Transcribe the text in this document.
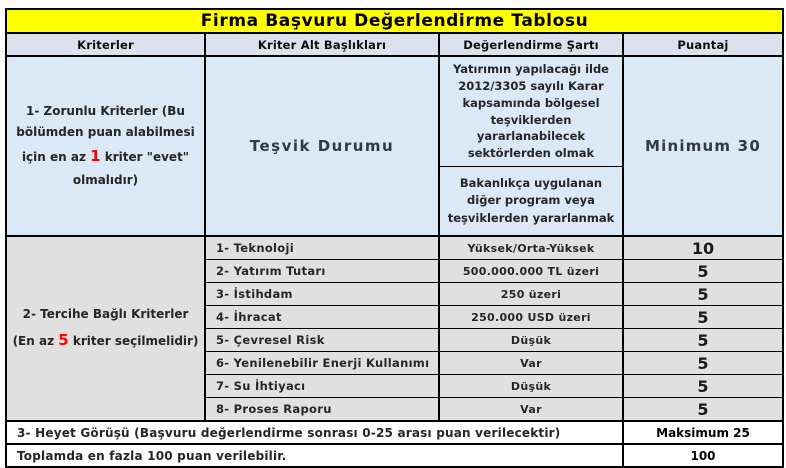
Firma Başvuru Değerlendirme Tablosu			
Kriterler	Kriter Alt Başlıkları	Değerlendirme Şartı	Puantaj
1- Zorunlu Kriterler (Bu bölümden puan alabilmesi için en az 1 kriter "evet" olmalıdır)	Teşvik Durumu	Yatırımın yapılacağı ilde 2012/3305 sayılı Karar kapsamında bölgesel teşviklerden yararlanabilecek sektörlerden olmak	Minimum 30
		Bakanlıkça uygulanan diğer program veya teşviklerden yararlanmak	
2- Tercihe Bağlı Kriterler (En az 5 kriter seçilmelidir)	1- Teknoloji	Yüksek/Orta-Yüksek	10
	2- Yatırım Tutarı	500.000.000 TL üzeri	5
	3- İstihdam	250 üzeri	5
	4- İhracat	250.000 USD üzeri	5
	5- Çevresel Risk	Düşük	5
	6- Yenilenebilir Enerji Kullanımı	Var	5
	7- Su İhtiyacı	Düşük	5
	8- Proses Raporu	Var	5
3- Heyet Görüşü (Başvuru değerlendirme sonrası 0-25 arası puan verilecektir)			Maksimum 25
Toplamda en fazla 100 puan verilebilir.			100
